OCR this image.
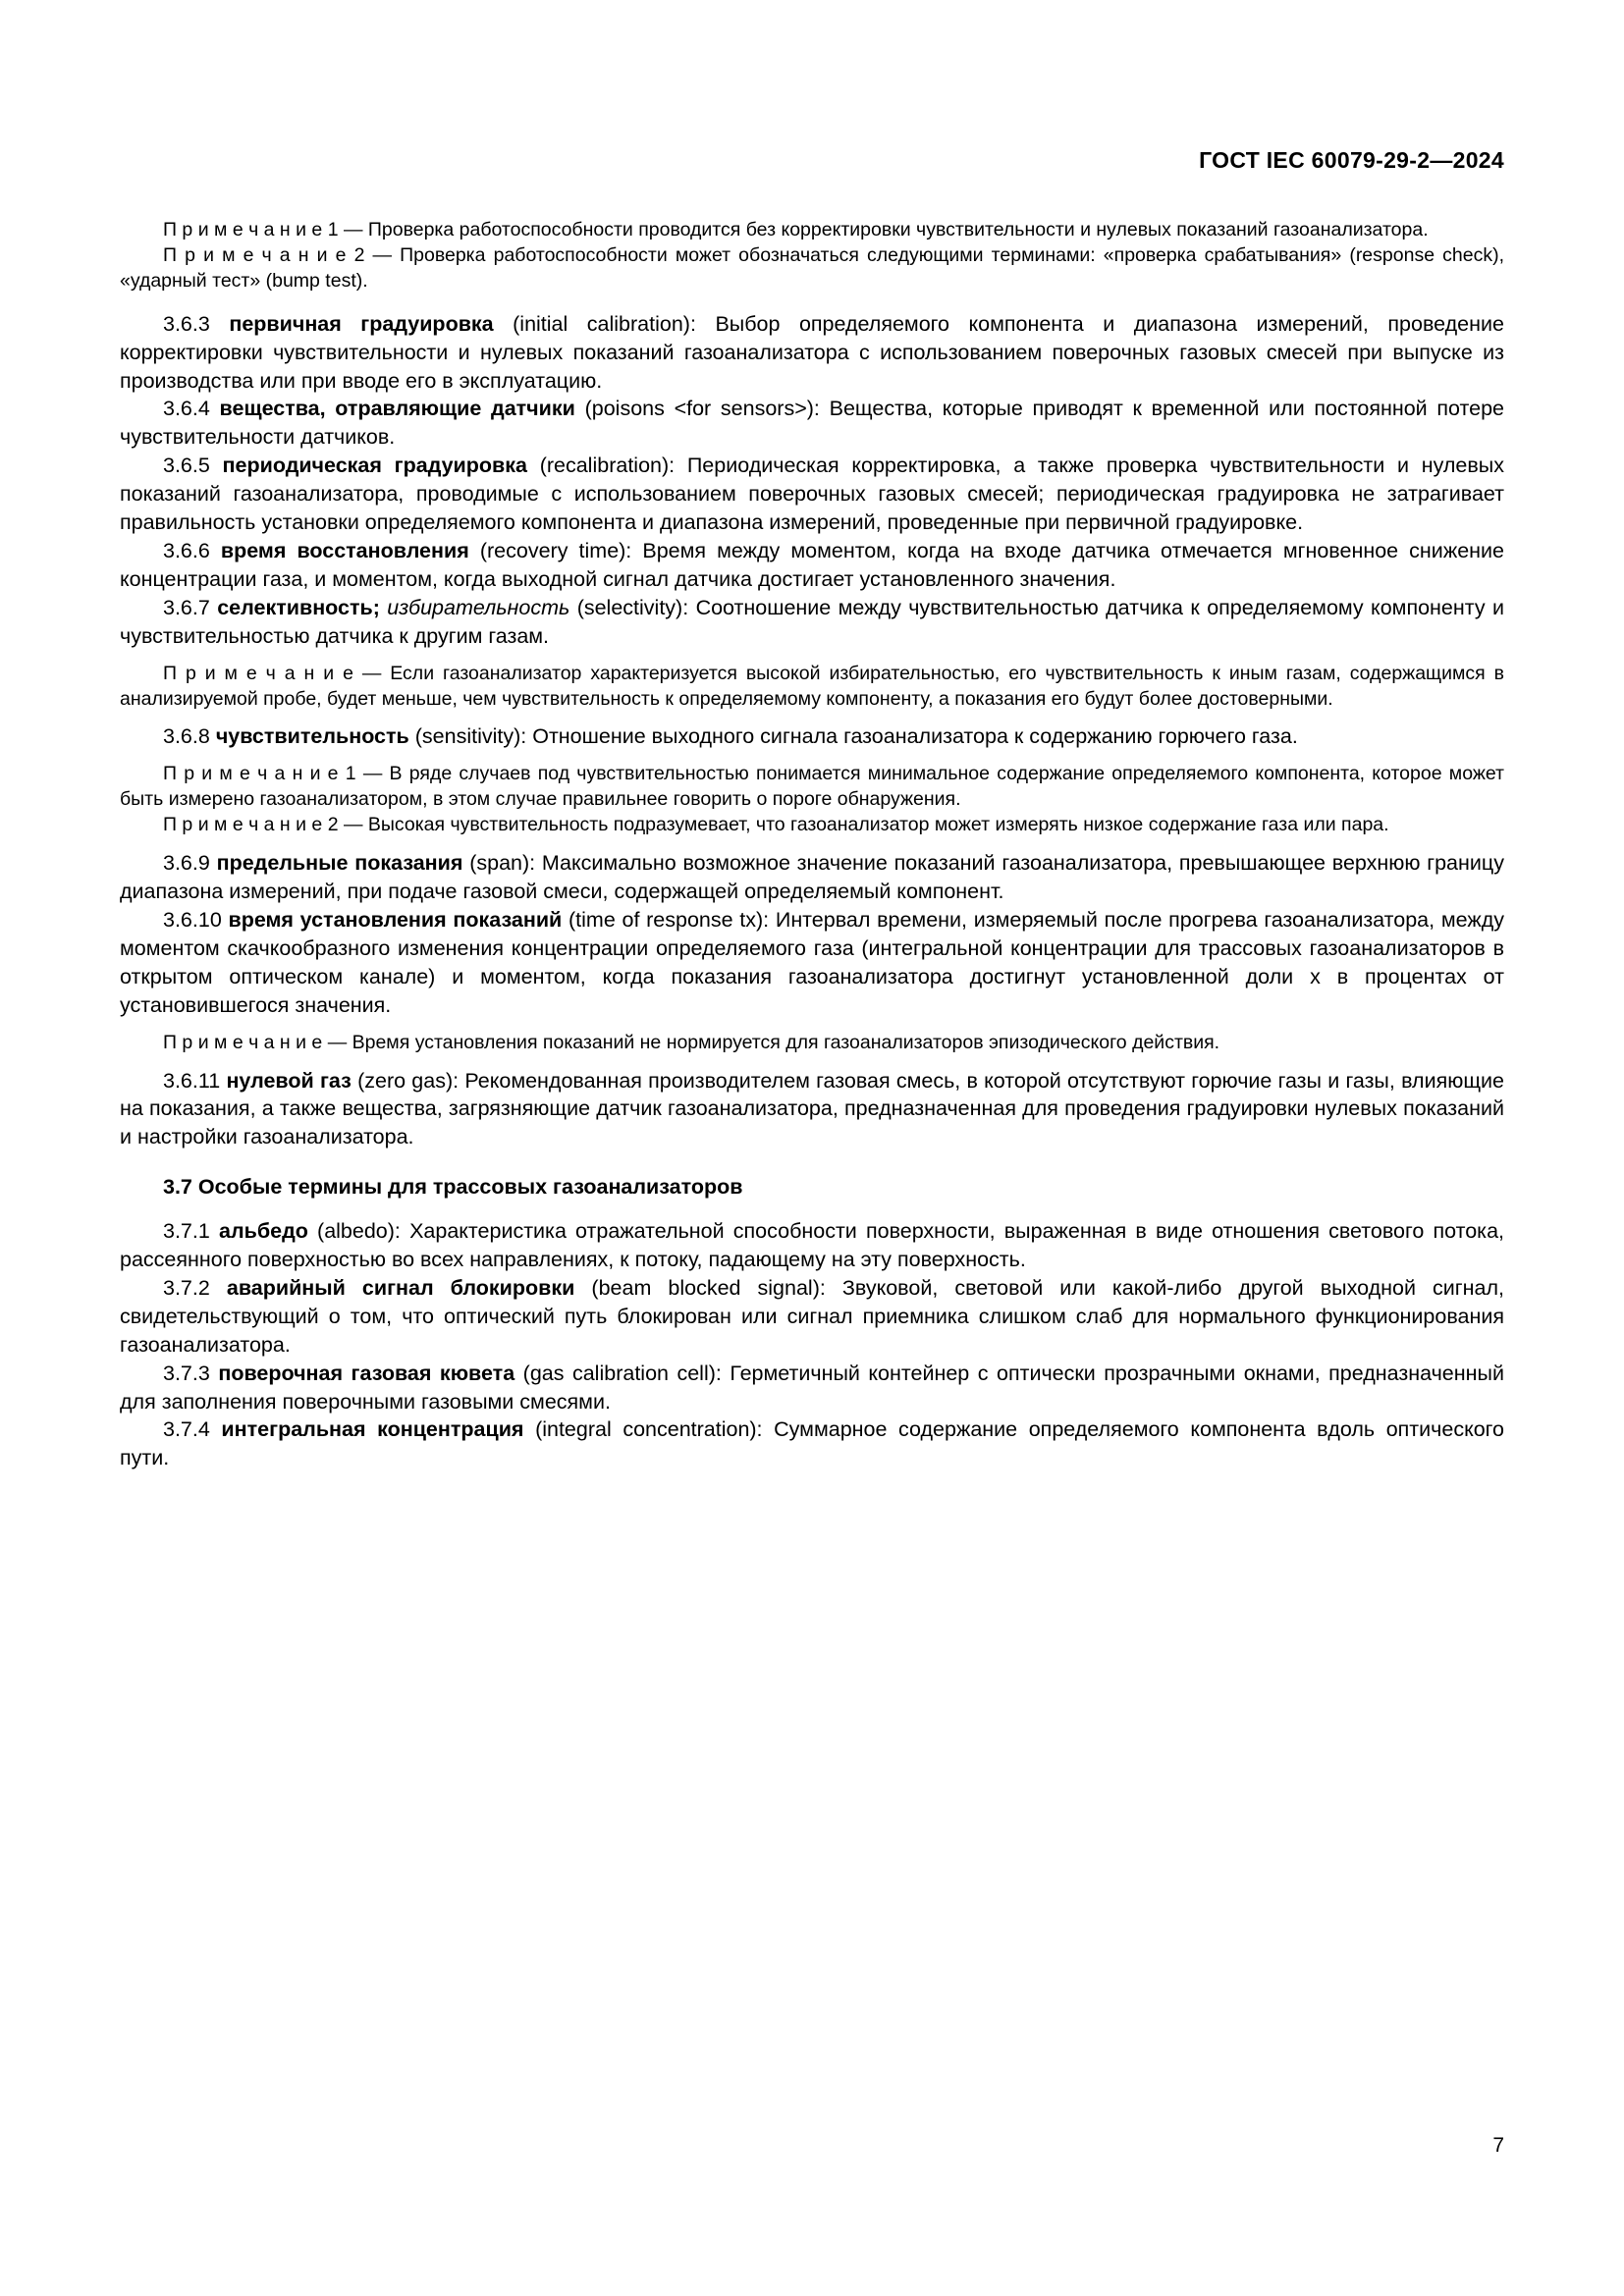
ГОСТ IEC 60079-29-2—2024

П р и м е ч а н и е 1 — Проверка работоспособности проводится без корректировки чувствительности и нулевых показаний газоанализатора.

П р и м е ч а н и е 2 — Проверка работоспособности может обозначаться следующими терминами: «проверка срабатывания» (response check), «ударный тест» (bump test).

3.6.3 первичная градуировка (initial calibration): Выбор определяемого компонента и диапазона измерений, проведение корректировки чувствительности и нулевых показаний газоанализатора с использованием поверочных газовых смесей при выпуске из производства или при вводе его в эксплуатацию.

3.6.4 вещества, отравляющие датчики (poisons <for sensors>): Вещества, которые приводят к временной или постоянной потере чувствительности датчиков.

3.6.5 периодическая градуировка (recalibration): Периодическая корректировка, а также проверка чувствительности и нулевых показаний газоанализатора, проводимые с использованием поверочных газовых смесей; периодическая градуировка не затрагивает правильность установки определяемого компонента и диапазона измерений, проведенные при первичной градуировке.

3.6.6 время восстановления (recovery time): Время между моментом, когда на входе датчика отмечается мгновенное снижение концентрации газа, и моментом, когда выходной сигнал датчика достигает установленного значения.

3.6.7 селективность; избирательность (selectivity): Соотношение между чувствительностью датчика к определяемому компоненту и чувствительностью датчика к другим газам.

П р и м е ч а н и е — Если газоанализатор характеризуется высокой избирательностью, его чувствительность к иным газам, содержащимся в анализируемой пробе, будет меньше, чем чувствительность к определяемому компоненту, а показания его будут более достоверными.

3.6.8 чувствительность (sensitivity): Отношение выходного сигнала газоанализатора к содержанию горючего газа.

П р и м е ч а н и е 1 — В ряде случаев под чувствительностью понимается минимальное содержание определяемого компонента, которое может быть измерено газоанализатором, в этом случае правильнее говорить о пороге обнаружения.

П р и м е ч а н и е 2 — Высокая чувствительность подразумевает, что газоанализатор может измерять низкое содержание газа или пара.

3.6.9 предельные показания (span): Максимально возможное значение показаний газоанализатора, превышающее верхнюю границу диапазона измерений, при подаче газовой смеси, содержащей определяемый компонент.

3.6.10 время установления показаний (time of response tx): Интервал времени, измеряемый после прогрева газоанализатора, между моментом скачкообразного изменения концентрации определяемого газа (интегральной концентрации для трассовых газоанализаторов в открытом оптическом канале) и моментом, когда показания газоанализатора достигнут установленной доли х в процентах от установившегося значения.

П р и м е ч а н и е — Время установления показаний не нормируется для газоанализаторов эпизодического действия.

3.6.11 нулевой газ (zero gas): Рекомендованная производителем газовая смесь, в которой отсутствуют горючие газы и газы, влияющие на показания, а также вещества, загрязняющие датчик газоанализатора, предназначенная для проведения градуировки нулевых показаний и настройки газоанализатора.

3.7 Особые термины для трассовых газоанализаторов

3.7.1 альбедо (albedo): Характеристика отражательной способности поверхности, выраженная в виде отношения светового потока, рассеянного поверхностью во всех направлениях, к потоку, падающему на эту поверхность.

3.7.2 аварийный сигнал блокировки (beam blocked signal): Звуковой, световой или какой-либо другой выходной сигнал, свидетельствующий о том, что оптический путь блокирован или сигнал приемника слишком слаб для нормального функционирования газоанализатора.

3.7.3 поверочная газовая кювета (gas calibration cell): Герметичный контейнер с оптически прозрачными окнами, предназначенный для заполнения поверочными газовыми смесями.

3.7.4 интегральная концентрация (integral concentration): Суммарное содержание определяемого компонента вдоль оптического пути.

7
